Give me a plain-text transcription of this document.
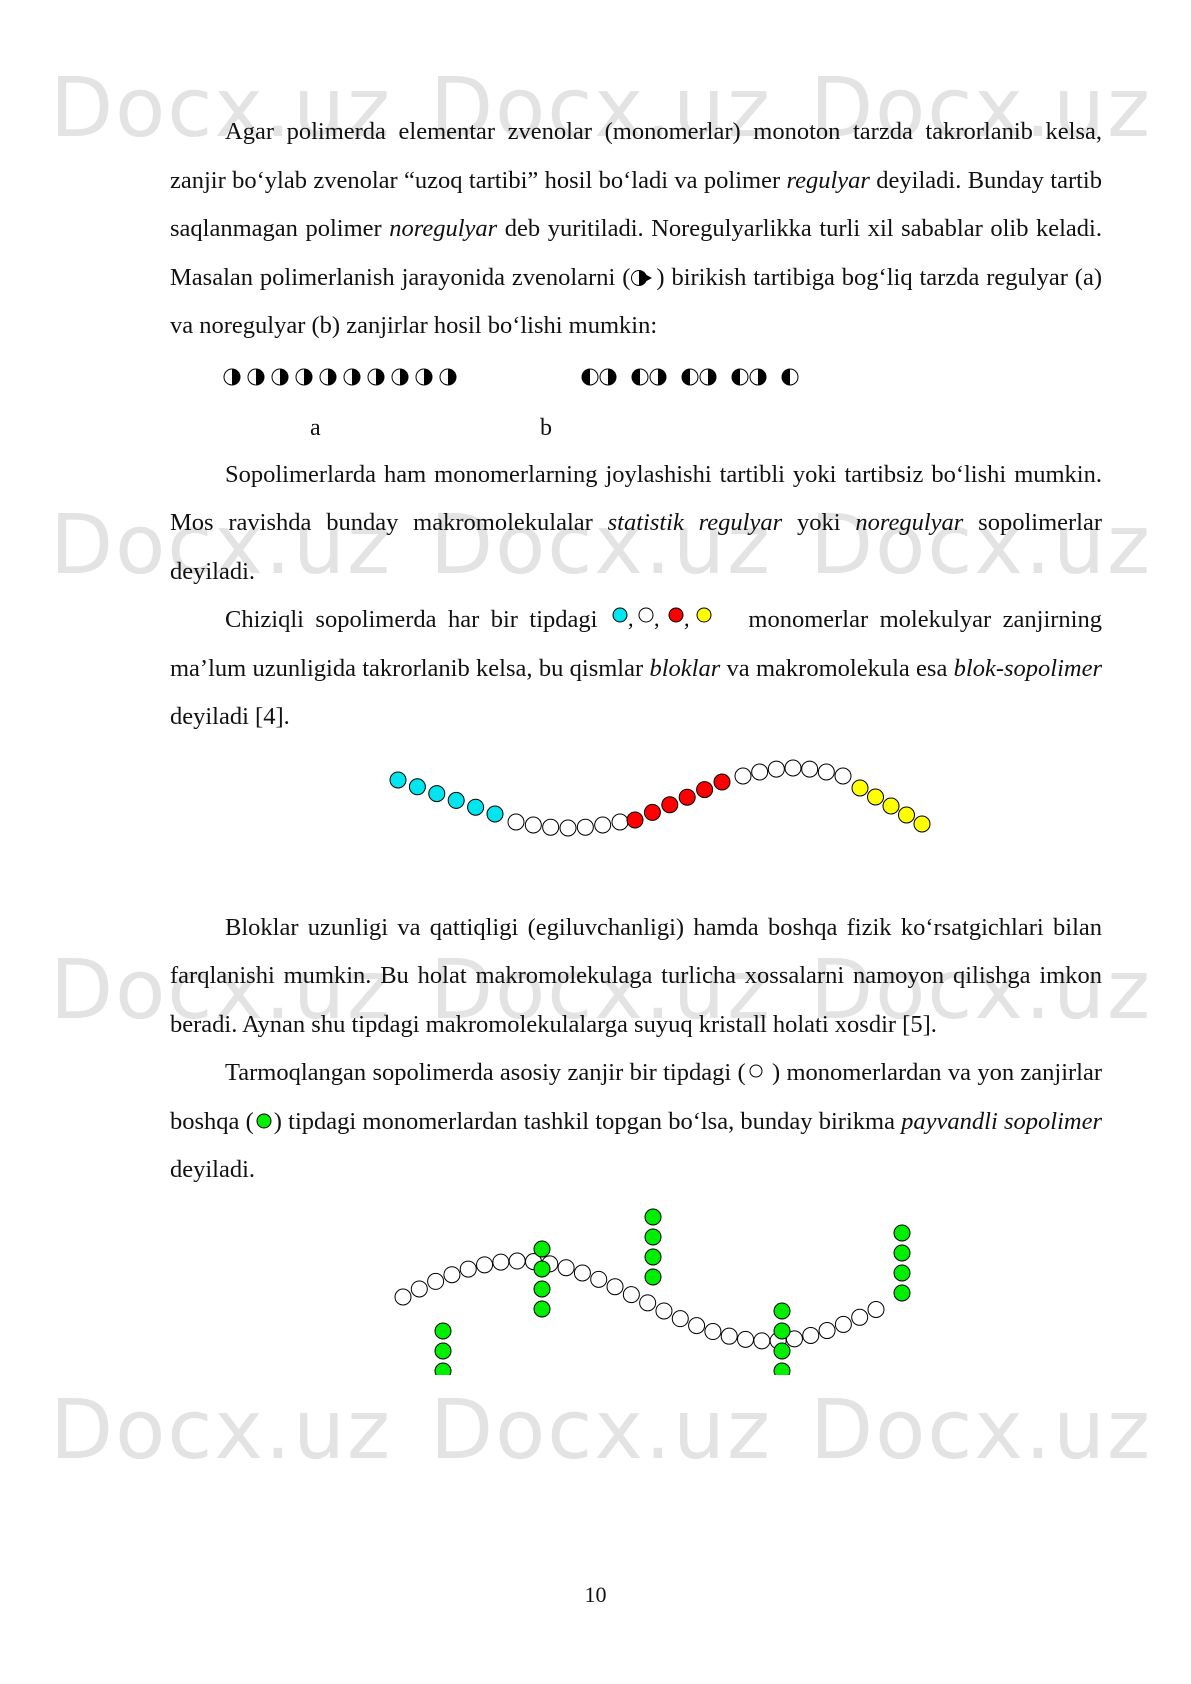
Docx.uz
Docx.uz
Docx.uz
Docx.uz
Docx.uz
Docx.uz
Docx.uz
Docx.uz
Docx.uz
Docx.uz
Docx.uz
Docx.uz

Agar polimerda elementar zvenolar (monomerlar) monoton tarzda takrorlanib kelsa, zanjir bo‘ylab zvenolar “uzoq tartibi” hosil bo‘ladi va polimer regulyar deyiladi. Bunday tartib saqlanmagan polimer noregulyar deb yuritiladi. Noregulyarlikka turli xil sabablar olib keladi. Masalan polimerlanish jarayonida zvenolarni ( ) birikish tartibiga bog‘liq tarzda regulyar (a) va noregulyar (b) zanjirlar hosil bo‘lishi mumkin:

a	b

Sopolimerlarda ham monomerlarning joylashishi tartibli yoki tartibsiz bo‘lishi mumkin. Mos ravishda bunday makromolekulalar statistik regulyar yoki noregulyar sopolimerlar deyiladi.

Chiziqli sopolimerda har bir tipdagi , , , monomerlar molekulyar zanjirning ma’lum uzunligida takrorlanib kelsa, bu qismlar bloklar va makromolekula esa blok-sopolimer deyiladi [4].

Bloklar uzunligi va qattiqligi (egiluvchanligi) hamda boshqa fizik ko‘rsatgichlari bilan farqlanishi mumkin. Bu holat makromolekulaga turlicha xossalarni namoyon qilishga imkon beradi. Aynan shu tipdagi makromolekulalarga suyuq kristall holati xosdir [5].

Tarmoqlangan sopolimerda asosiy zanjir bir tipdagi ( ) monomerlardan va yon zanjirlar boshqa ( ) tipdagi monomerlardan tashkil topgan bo‘lsa, bunday birikma payvandli sopolimer deyiladi.

10
